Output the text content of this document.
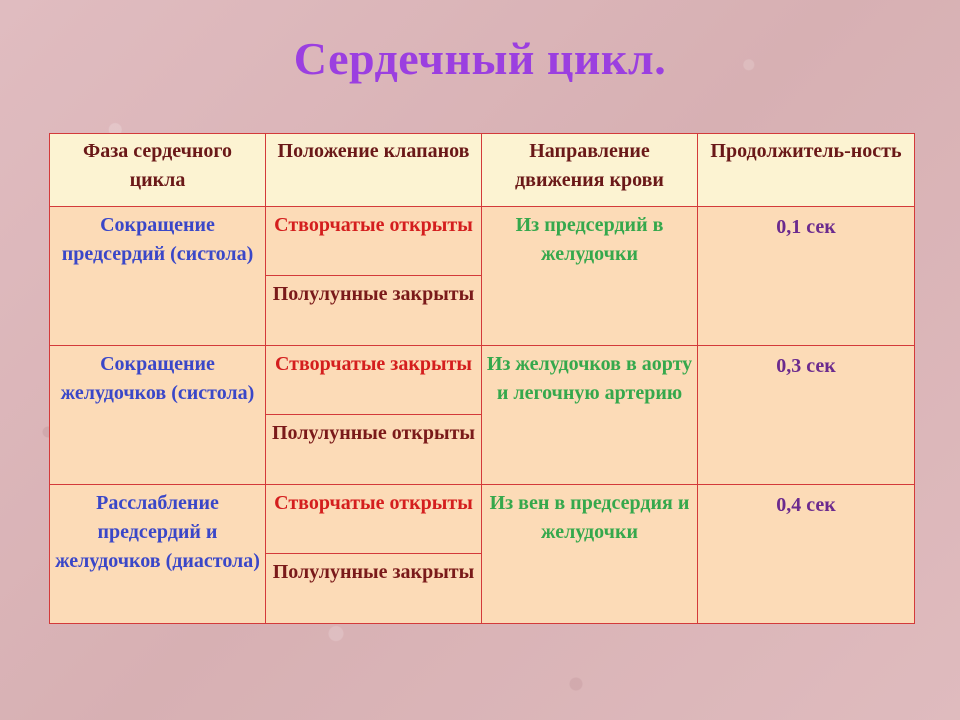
Сердечный цикл.
Фаза сердечного цикла	Положение клапанов	Направление движения крови	Продолжитель-ность
Сокращение предсердий (систола)	Створчатые открыты	Из предсердий в желудочки	0,1 сек
	Полулунные закрыты		
Сокращение желудочков (систола)	Створчатые закрыты	Из желудочков в аорту и легочную артерию	0,3 сек
	Полулунные открыты		
Расслабление предсердий и желудочков (диастола)	Створчатые открыты	Из вен в предсердия и желудочки	0,4 сек
	Полулунные закрыты		
